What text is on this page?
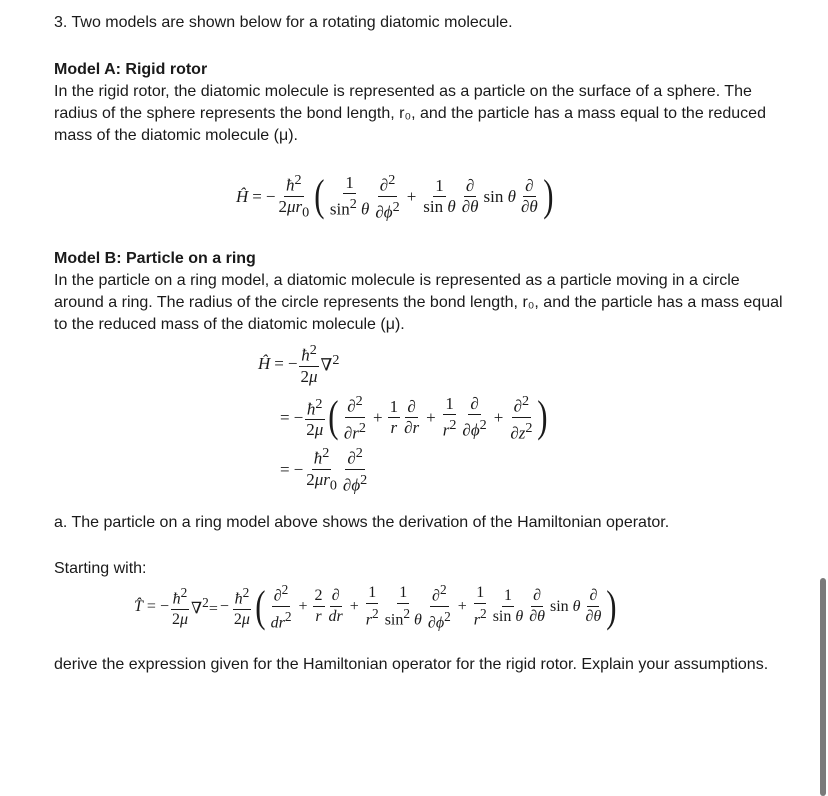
3. Two models are shown below for a rotating diatomic molecule.

Model A: Rigid rotor

In the rigid rotor, the diatomic molecule is represented as a particle on the surface of a sphere. The radius of the sphere represents the bond length, r₀, and the particle has a mass equal to the reduced mass of the diatomic molecule (μ).

Ĥ = − $\frac{ħ^2}{2\mu r_0}$ ( $\frac{1}{\sin^2 \theta} \frac{\partial^2}{\partial\phi^2} + \frac{1}{\text{sin θ}} \frac{\partial}{\partial\theta}$ sin θ $\frac{\partial}{\partial\theta}$ )

Model B: Particle on a ring

In the particle on a ring model, a diatomic molecule is represented as a particle moving in a circle around a ring. The radius of the circle represents the bond length, r₀, and the particle has a mass equal to the reduced mass of the diatomic molecule (μ).

Ĥ = − $\frac{ħ^2}{2\mu} \nabla^2$
= − $\frac{ħ^2}{2\mu}$ ( $\frac{\partial^2}{\partial r^2} + \frac{1}{r} \frac{\partial}{\partial r} + \frac{1}{r^2} \frac{\partial}{\partial\phi^2} + \frac{\partial^2}{\partial z^2}$ )
= − $\frac{ħ^2}{2\mu r_0} \frac{\partial^2}{\partial\phi^2}$

a. The particle on a ring model above shows the derivation of the Hamiltonian operator.

Starting with:

T̂ = − $\frac{ħ^2}{2\mu} \nabla^2= - \frac{ħ^2}{2\mu}$ ( $\frac{\partial^2}{dr^2} + \frac{2}{r} \frac{\partial}{dr} + \frac{1}{r^2} \frac{1}{\sin^2 \theta} \frac{\partial^2}{\partial\phi^2} + \frac{1}{r^2} \frac{1}{\text{sin θ}} \frac{\partial}{\partial\theta}$ sin θ $\frac{\partial}{\partial\theta}$ )

derive the expression given for the Hamiltonian operator for the rigid rotor. Explain your assumptions.
